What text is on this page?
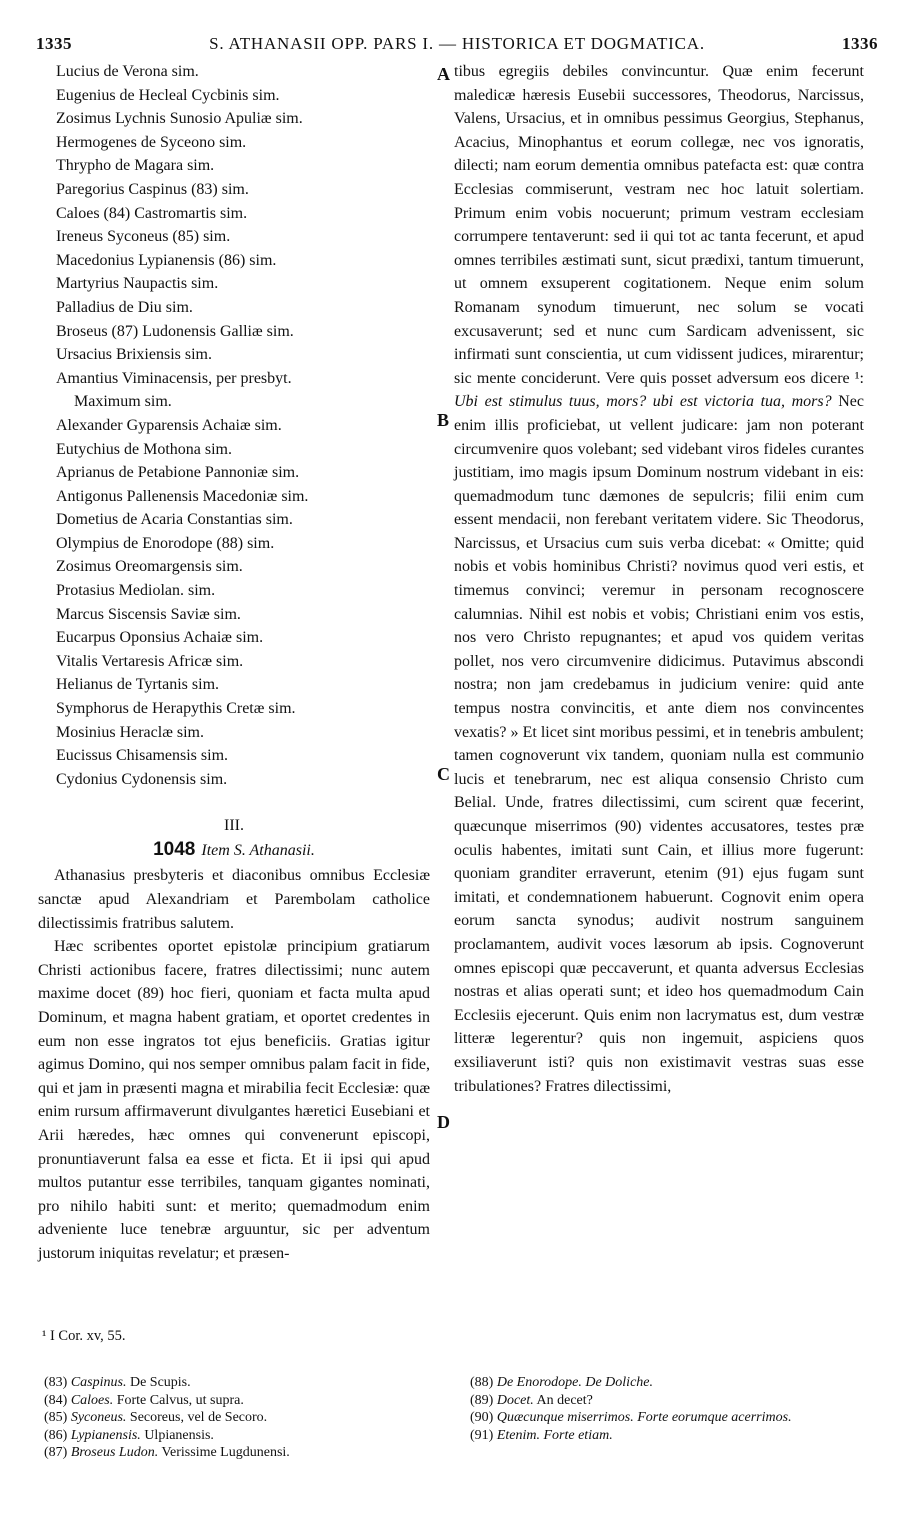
1335	S. ATHANASII OPP. PARS I. — HISTORICA ET DOGMATICA.	1336
Lucius de Verona sim.
Eugenius de Hecleal Cycbinis sim.
Zosimus Lychnis Sunosio Apuliæ sim.
Hermogenes de Syceono sim.
Thrypho de Magara sim.
Paregorius Caspinus (83) sim.
Caloes (84) Castromartis sim.
Ireneus Syconeus (85) sim.
Macedonius Lypianensis (86) sim.
Martyrius Naupactis sim.
Palladius de Diu sim.
Broseus (87) Ludonensis Galliæ sim.
Ursacius Brixiensis sim.
Amantius Viminacensis, per presbyt.
Maximum sim.
Alexander Gyparensis Achaiæ sim.
Eutychius de Mothona sim.
Aprianus de Petabione Pannoniæ sim.
Antigonus Pallenensis Macedoniæ sim.
Dometius de Acaria Constantias sim.
Olympius de Enorodope (88) sim.
Zosimus Oreomargensis sim.
Protasius Mediolan. sim.
Marcus Siscensis Saviæ sim.
Eucarpus Oponsius Achaiæ sim.
Vitalis Vertaresis Africæ sim.
Helianus de Tyrtanis sim.
Symphorus de Herapythis Cretæ sim.
Mosinius Heraclæ sim.
Eucissus Chisamensis sim.
Cydonius Cydonensis sim.
III.
1048 Item S. Athanasii.

Athanasius presbyteris et diaconibus omnibus Ecclesiæ sanctæ apud Alexandriam et Parembolam catholice dilectissimis fratribus salutem.

Hæc scribentes oportet epistolæ principium gratiarum Christi actionibus facere, fratres dilectissimi; nunc autem maxime docet (89) hoc fieri, quoniam et facta multa apud Dominum, et magna habent gratiam, et oportet credentes in eum non esse ingratos tot ejus beneficiis. Gratias igitur agimus Domino, qui nos semper omnibus palam facit in fide, qui et jam in præsenti magna et mirabilia fecit Ecclesiæ: quæ enim rursum affirmaverunt divulgantes hæretici Eusebiani et Arii hæredes, hæc omnes qui convenerunt episcopi, pronuntiaverunt falsa ea esse et ficta. Et ii ipsi qui apud multos putantur esse terribiles, tanquam gigantes nominati, pro nihilo habiti sunt: et merito; quemadmodum enim adveniente luce tenebræ arguuntur, sic per adventum justorum iniquitas revelatur; et præsen-

tibus egregiis debiles convincuntur. Quæ enim fecerunt maledicæ hæresis Eusebii successores, Theodorus, Narcissus, Valens, Ursacius, et in omnibus pessimus Georgius, Stephanus, Acacius, Minophantus et eorum collegæ, nec vos ignoratis, dilecti; nam eorum dementia omnibus patefacta est: quæ contra Ecclesias commiserunt, vestram nec hoc latuit solertiam. Primum enim vobis nocuerunt; primum vestram ecclesiam corrumpere tentaverunt: sed ii qui tot ac tanta fecerunt, et apud omnes terribiles æstimati sunt, sicut prædixi, tantum timuerunt, ut omnem exsuperent cogitationem. Neque enim solum Romanam synodum timuerunt, nec solum se vocati excusaverunt; sed et nunc cum Sardicam advenissent, sic infirmati sunt conscientia, ut cum vidissent judices, mirarentur; sic mente conciderunt. Vere quis posset adversum eos dicere ¹: Ubi est stimulus tuus, mors? ubi est victoria tua, mors? Nec enim illis proficiebat, ut vellent judicare: jam non poterant circumvenire quos volebant; sed videbant viros fideles curantes justitiam, imo magis ipsum Dominum nostrum videbant in eis: quemadmodum tunc dæmones de sepulcris; filii enim cum essent mendacii, non ferebant veritatem videre. Sic Theodorus, Narcissus, et Ursacius cum suis verba dicebat: « Omitte; quid nobis et vobis hominibus Christi? novimus quod veri estis, et timemus convinci; veremur in personam recognoscere calumnias. Nihil est nobis et vobis; Christiani enim vos estis, nos vero Christo repugnantes; et apud vos quidem veritas pollet, nos vero circumvenire didicimus. Putavimus abscondi nostra; non jam credebamus in judicium venire: quid ante tempus nostra convincitis, et ante diem nos convincentes vexatis? » Et licet sint moribus pessimi, et in tenebris ambulent; tamen cognoverunt vix tandem, quoniam nulla est communio lucis et tenebrarum, nec est aliqua consensio Christo cum Belial. Unde, fratres dilectissimi, cum scirent quæ fecerint, quæcunque miserrimos (90) videntes accusatores, testes præ oculis habentes, imitati sunt Cain, et illius more fugerunt: quoniam granditer erraverunt, etenim (91) ejus fugam sunt imitati, et condemnationem habuerunt. Cognovit enim opera eorum sancta synodus; audivit nostrum sanguinem proclamantem, audivit voces læsorum ab ipsis. Cognoverunt omnes episcopi quæ peccaverunt, et quanta adversus Ecclesias nostras et alias operati sunt; et ideo hos quemadmodum Cain Ecclesiis ejecerunt. Quis enim non lacrymatus est, dum vestræ litteræ legerentur? quis non ingemuit, aspiciens quos exsiliaverunt isti? quis non existimavit vestras suas esse tribulationes? Fratres dilectissimi,

A
B
C
D
¹ I Cor. xv, 55.
(83) Caspinus. De Scupis.
(84) Caloes. Forte Calvus, ut supra.
(85) Syconeus. Secoreus, vel de Secoro.
(86) Lypianensis. Ulpianensis.
(87) Broseus Ludon. Verissime Lugdunensi.
(88) De Enorodope. De Doliche.
(89) Docet. An decet?
(90) Quæcunque miserrimos. Forte eorumque acerrimos.
(91) Etenim. Forte etiam.
